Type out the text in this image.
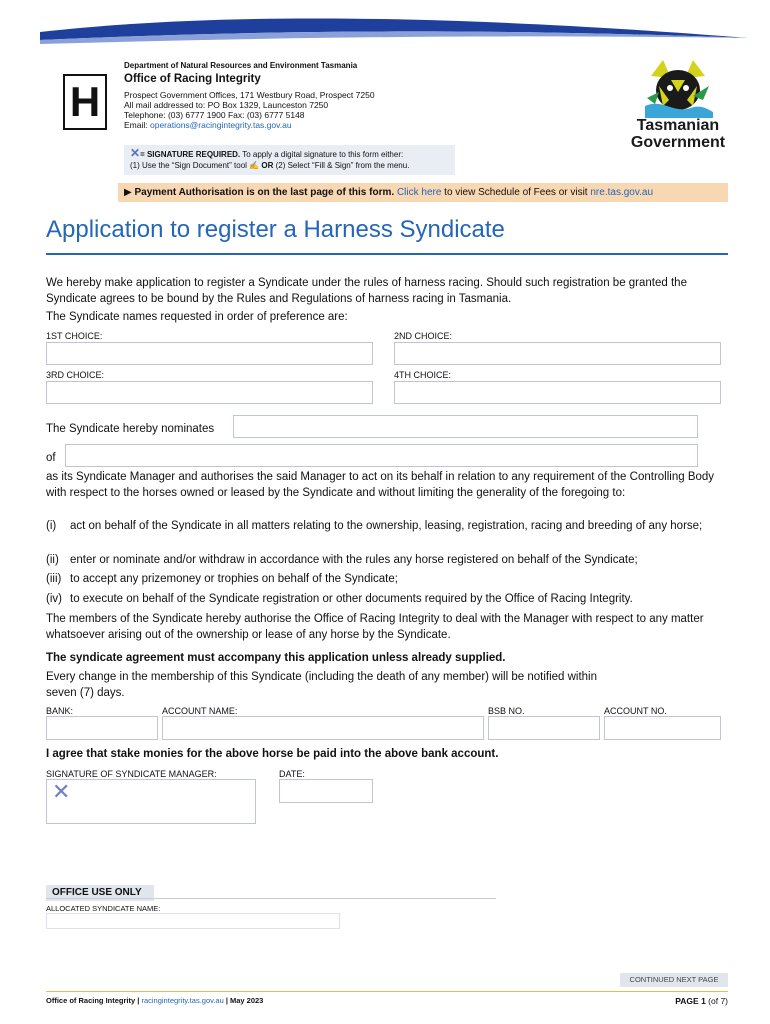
H
Department of Natural Resources and Environment Tasmania
Office of Racing Integrity
Prospect Government Offices, 171 Westbury Road, Prospect 7250
All mail addressed to: PO Box 1329, Launceston 7250
Telephone: (03) 6777 1900 Fax: (03) 6777 5148
Email: operations@racingintegrity.tas.gov.au	Tasmanian
Government
✕= SIGNATURE REQUIRED. To apply a digital signature to this form either:
(1) Use the “Sign Document” tool ✍ OR (2) Select “Fill & Sign” from the menu.
▶ Payment Authorisation is on the last page of this form. Click here to view Schedule of Fees or visit nre.tas.gov.au
Application to register a Harness Syndicate
We hereby make application to register a Syndicate under the rules of harness racing. Should such registration be granted the Syndicate agrees to be bound by the Rules and Regulations of harness racing in Tasmania.
The Syndicate names requested in order of preference are:
1ST CHOICE:	2ND CHOICE:
3RD CHOICE:	4TH CHOICE:
The Syndicate hereby nominates
of
as its Syndicate Manager and authorises the said Manager to act on its behalf in relation to any requirement of the Controlling Body with respect to the horses owned or leased by the Syndicate and without limiting the generality of the foregoing to:
(i) act on behalf of the Syndicate in all matters relating to the ownership, leasing, registration, racing and breeding of any horse;
(ii) enter or nominate and/or withdraw in accordance with the rules any horse registered on behalf of the Syndicate;
(iii) to accept any prizemoney or trophies on behalf of the Syndicate;
(iv) to execute on behalf of the Syndicate registration or other documents required by the Office of Racing Integrity.
The members of the Syndicate hereby authorise the Office of Racing Integrity to deal with the Manager with respect to any matter whatsoever arising out of the ownership or lease of any horse by the Syndicate.
The syndicate agreement must accompany this application unless already supplied.
Every change in the membership of this Syndicate (including the death of any member) will be notified within seven (7) days.
BANK:	ACCOUNT NAME:	BSB NO.	ACCOUNT NO.
I agree that stake monies for the above horse be paid into the above bank account.
SIGNATURE OF SYNDICATE MANAGER:	DATE:
✕
OFFICE USE ONLY
ALLOCATED SYNDICATE NAME:
CONTINUED NEXT PAGE
Office of Racing Integrity | racingintegrity.tas.gov.au | May 2023	PAGE 1 (of 7)
